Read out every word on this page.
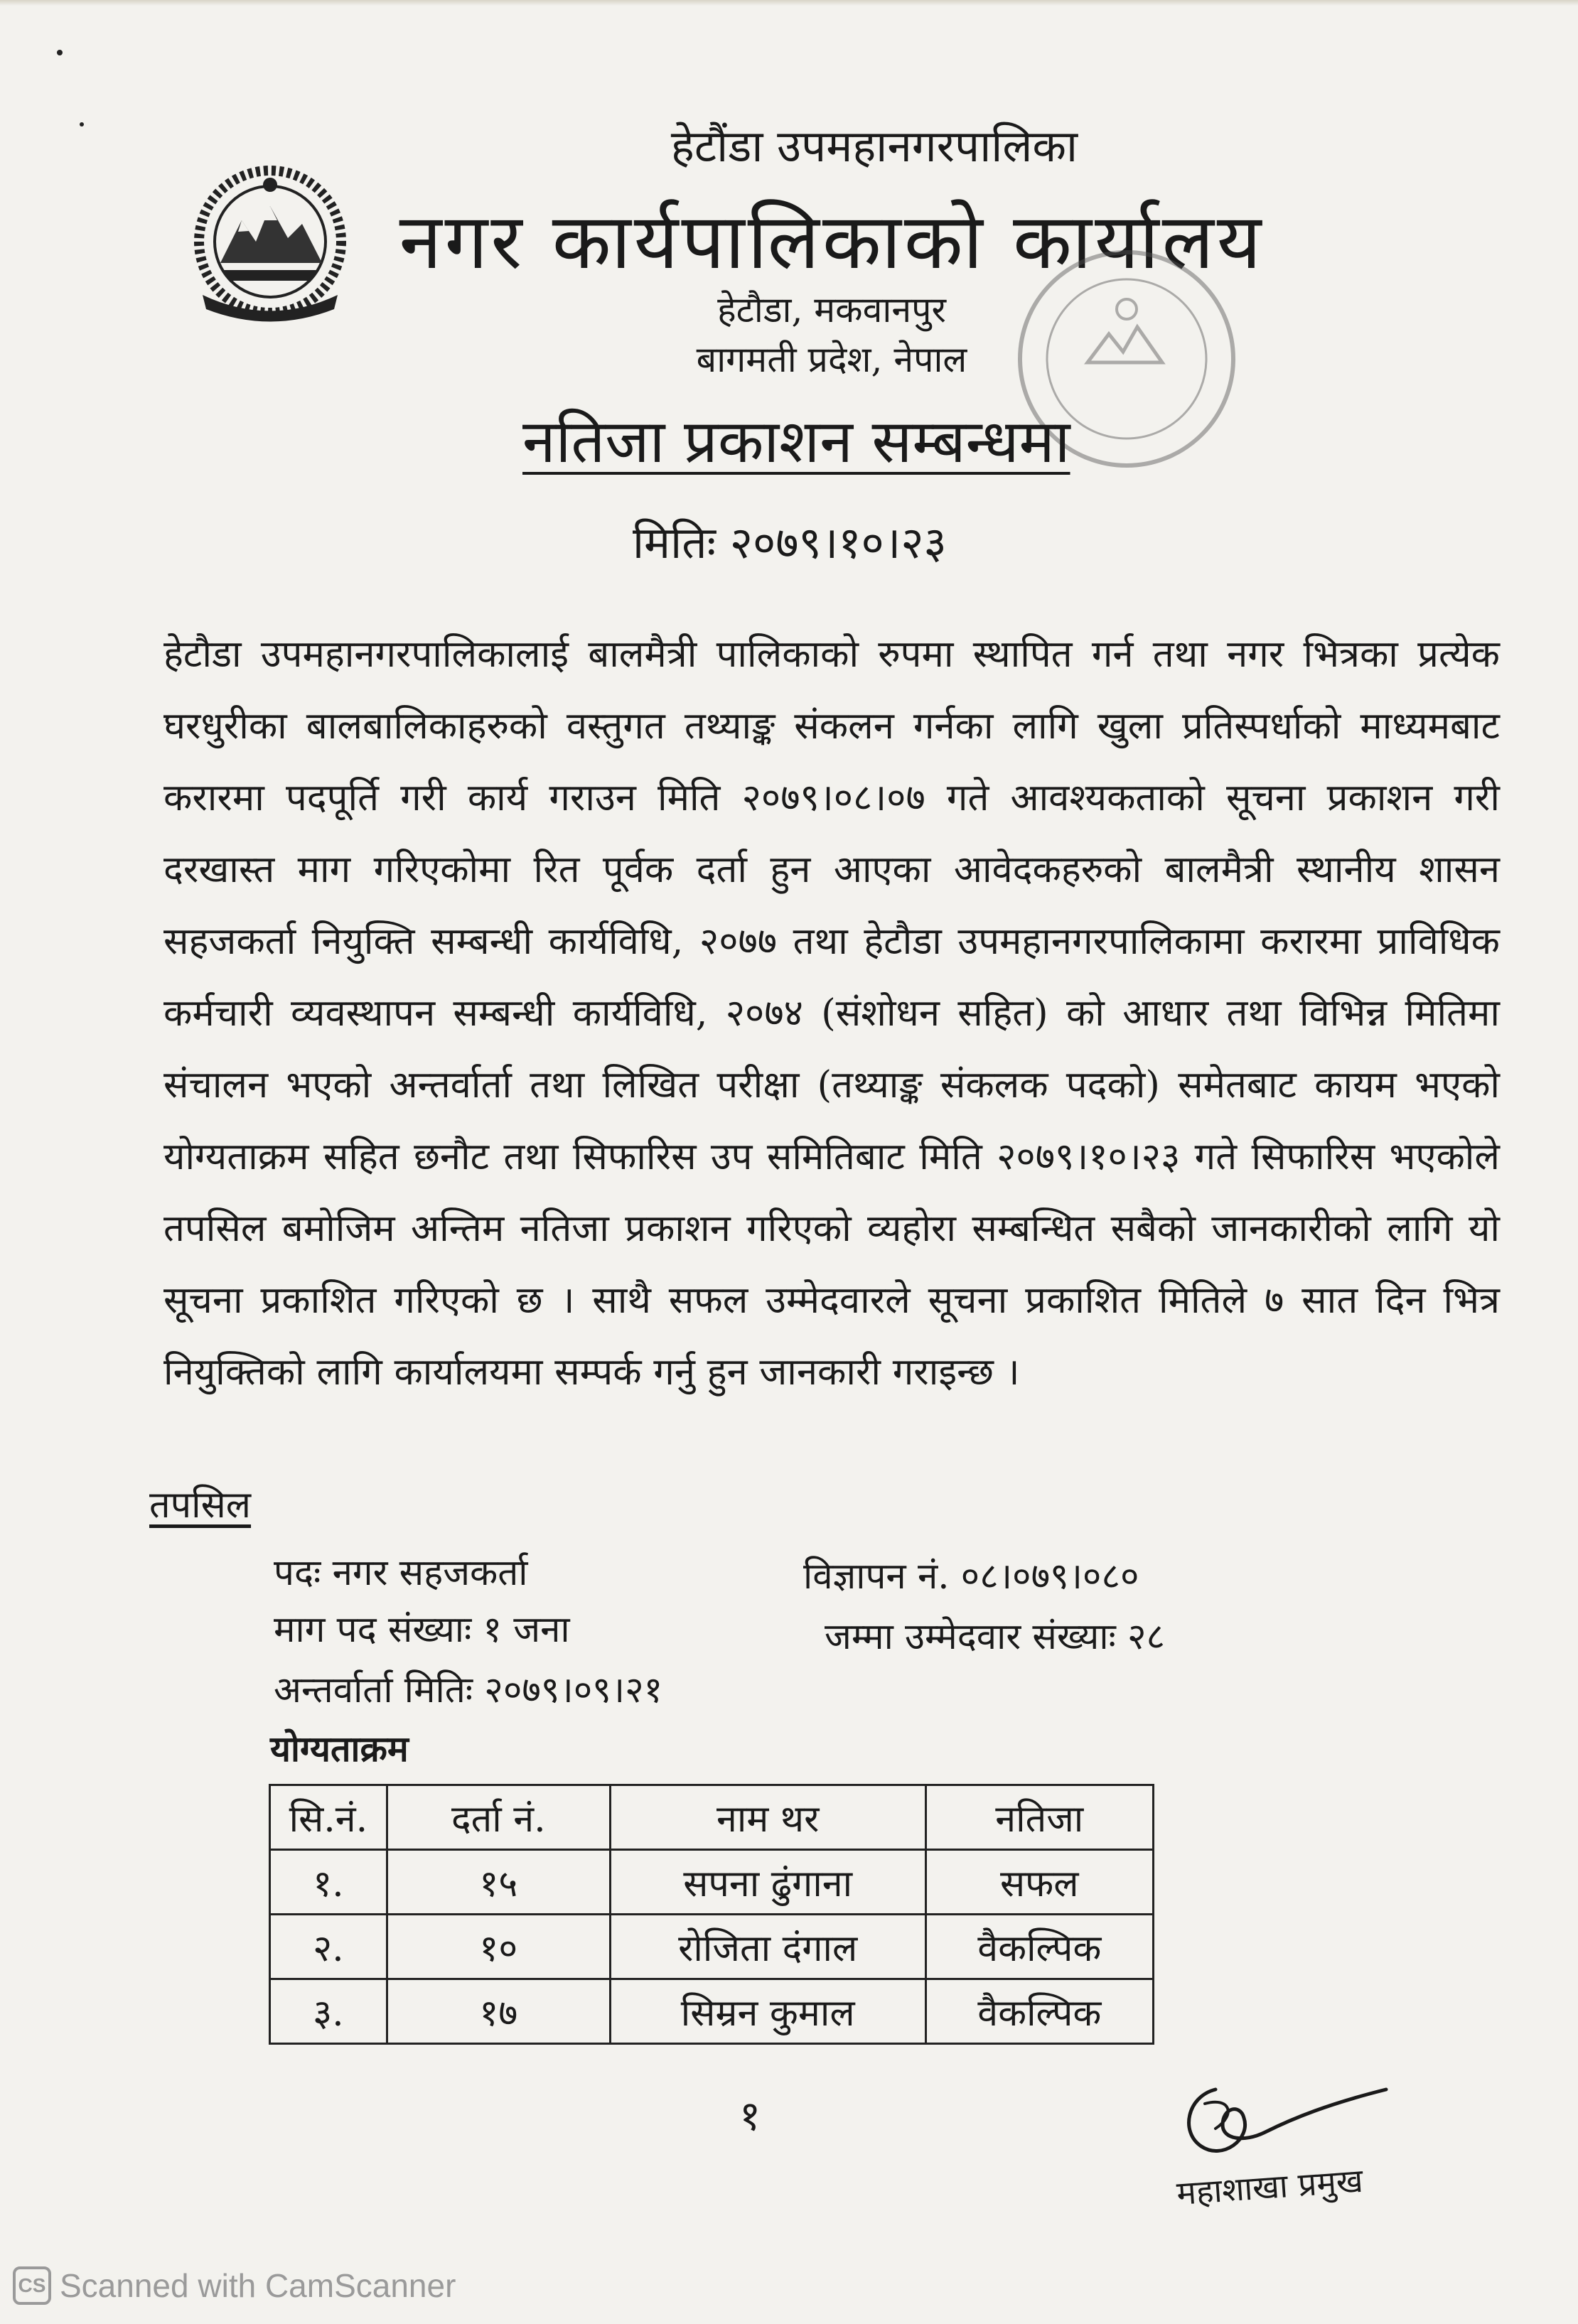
हेटौंडा उपमहानगरपालिका
नगर कार्यपालिकाको कार्यालय
हेटौडा, मकवानपुर
बागमती प्रदेश, नेपाल
नतिजा प्रकाशन सम्बन्धमा
मितिः २०७९।१०।२३
हेटौडा उपमहानगरपालिकालाई बालमैत्री पालिकाको रुपमा स्थापित गर्न तथा नगर भित्रका प्रत्येक घरधुरीका बालबालिकाहरुको वस्तुगत तथ्याङ्क संकलन गर्नका लागि खुला प्रतिस्पर्धाको माध्यमबाट करारमा पदपूर्ति गरी कार्य गराउन मिति २०७९।०८।०७ गते आवश्यकताको सूचना प्रकाशन गरी दरखास्त माग गरिएकोमा रित पूर्वक दर्ता हुन आएका आवेदकहरुको बालमैत्री स्थानीय शासन सहजकर्ता नियुक्ति सम्बन्धी कार्यविधि, २०७७ तथा हेटौडा उपमहानगरपालिकामा करारमा प्राविधिक कर्मचारी व्यवस्थापन सम्बन्धी कार्यविधि, २०७४ (संशोधन सहित) को आधार तथा विभिन्न मितिमा संचालन भएको अन्तर्वार्ता तथा लिखित परीक्षा (तथ्याङ्क संकलक पदको) समेतबाट कायम भएको योग्यताक्रम सहित छनौट तथा सिफारिस उप समितिबाट मिति २०७९।१०।२३ गते सिफारिस भएकोले तपसिल बमोजिम अन्तिम नतिजा प्रकाशन गरिएको व्यहोरा सम्बन्धित सबैको जानकारीको लागि यो सूचना प्रकाशित गरिएको छ । साथै सफल उम्मेदवारले सूचना प्रकाशित मितिले ७ सात दिन भित्र नियुक्तिको लागि कार्यालयमा सम्पर्क गर्नु हुन जानकारी गराइन्छ ।
तपसिल
पदः नगर सहजकर्ता
माग पद संख्याः १ जना
अन्तर्वार्ता मितिः २०७९।०९।२१
विज्ञापन नं. ०८।०७९।०८०
जम्मा उम्मेदवार संख्याः २८
योग्यताक्रम
सि.नं.	दर्ता नं.	नाम थर	नतिजा
१.	१५	सपना ढुंगाना	सफल
२.	१०	रोजिता दंगाल	वैकल्पिक
३.	१७	सिम्रन कुमाल	वैकल्पिक
१
महाशाखा प्रमुख
CS Scanned with CamScanner
